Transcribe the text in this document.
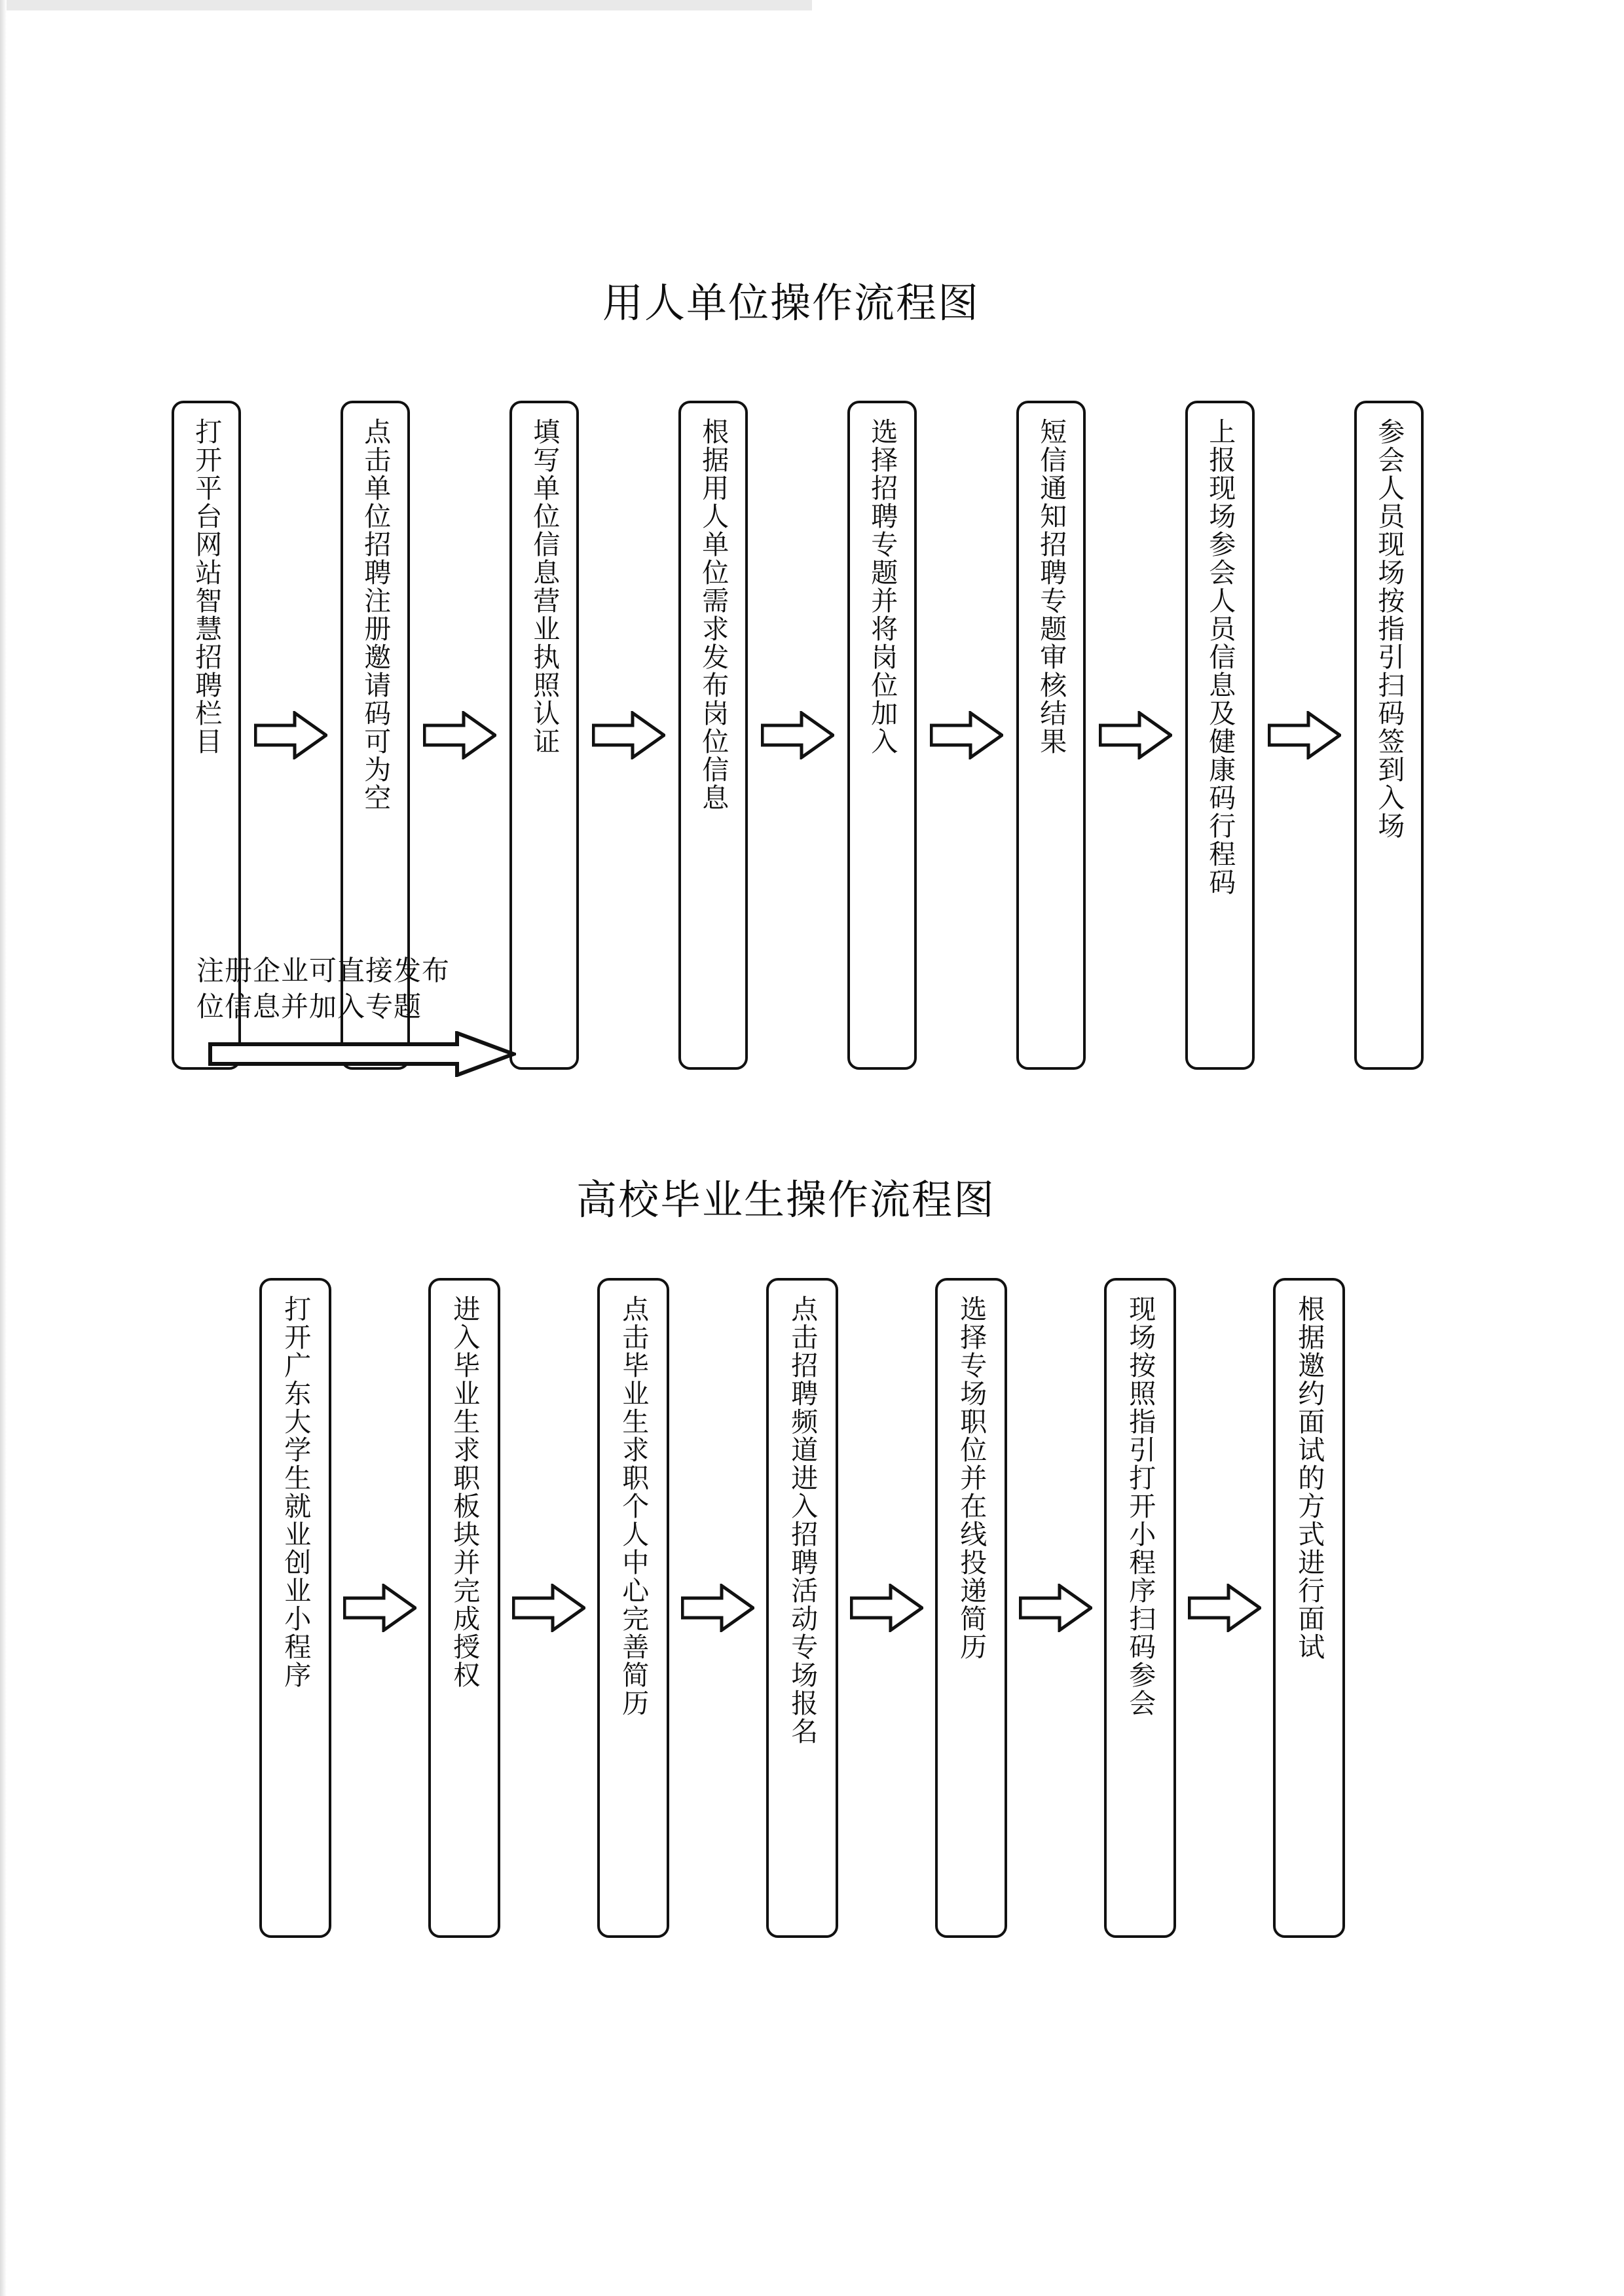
用人单位操作流程图
打开平台网站智慧招聘栏目	点击单位招聘注册邀请码可为空	填写单位信息营业执照认证	根据用人单位需求发布岗位信息	选择招聘专题并将岗位加入	短信通知招聘专题审核结果	上报现场参会人员信息及健康码行程码	参会人员现场按指引扫码签到入场
注册企业可直接发布
位信息并加入专题
高校毕业生操作流程图
打开广东大学生就业创业小程序	进入毕业生求职板块并完成授权	点击毕业生求职个人中心完善简历	点击招聘频道进入招聘活动专场报名	选择专场职位并在线投递简历	现场按照指引打开小程序扫码参会	根据邀约面试的方式进行面试
